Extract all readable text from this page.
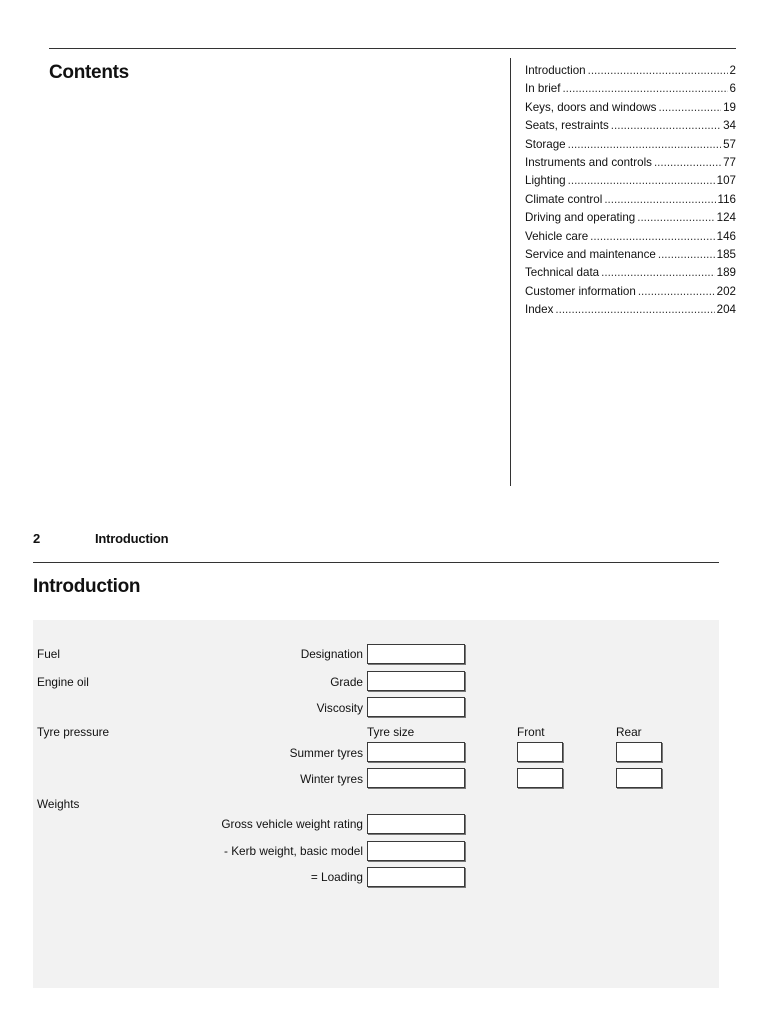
Contents	Introduction .....	2
In brief .....	6
Keys, doors and windows .....	19
Seats, restraints .....	34
Storage .....	57
Instruments and controls .....	77
Lighting .....	107
Climate control .....	116
Driving and operating .....	124
Vehicle care .....	146
Service and maintenance .....	185
Technical data .....	189
Customer information .....	202
Index .....	204
2	Introduction
Introduction
Fuel	Designation
Engine oil	Grade
Viscosity
Tyre pressure	Tyre size	Front	Rear
Summer tyres
Winter tyres
Weights
Gross vehicle weight rating
- Kerb weight, basic model
= Loading
